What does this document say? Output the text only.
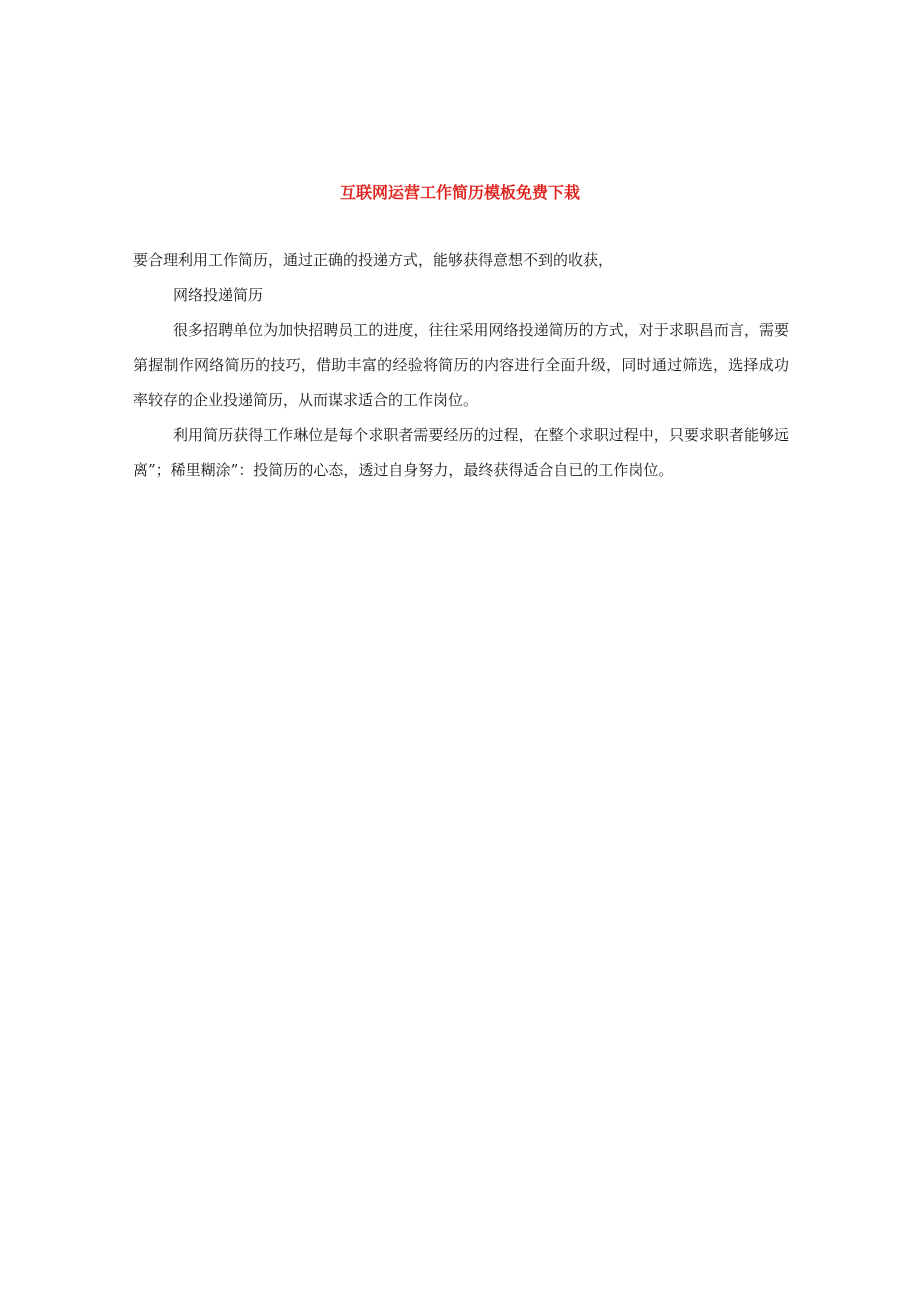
互联网运营工作简历模板免费下栽

要合理利用工作简历，通过正确的投递方式，能够获得意想不到的收获，

网络投递简历

很多招聘单位为加快招聘员工的进度，往往采用网络投递简历的方式，对于求职昌而言，需要第握制作网络简历的技巧，借助丰富的经验将简历的内容进行全面升级，同时通过筛选，选择成功率较存的企业投递简历，从而谋求适合的工作岗位。

利用简历获得工作琳位是每个求职者需要经历的过程，在整个求职过程中，只要求职者能够远离”；稀里糊涂”：投简历的心态，透过自身努力，最终获得适合自已的工作岗位。
